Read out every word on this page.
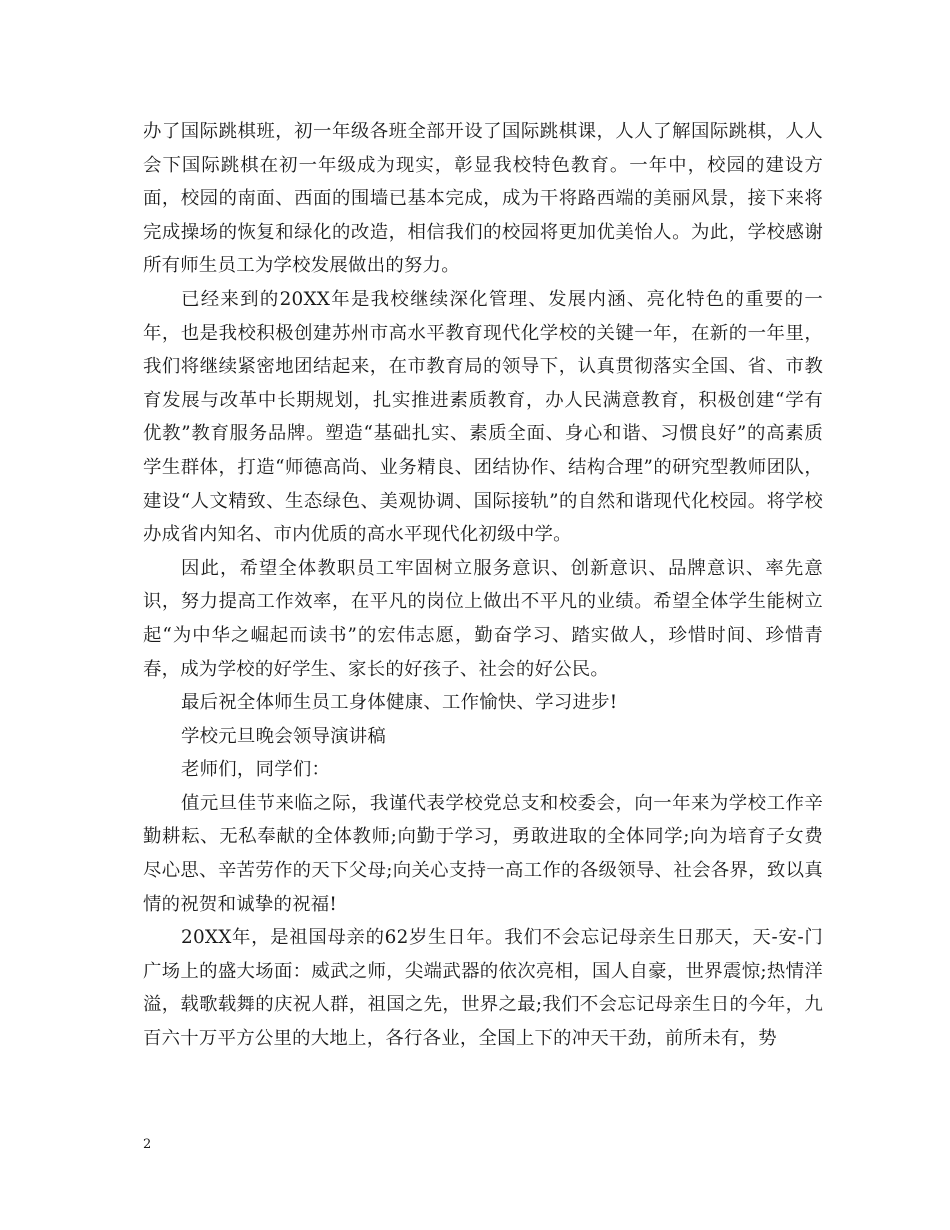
办了国际跳棋班，初一年级各班全部开设了国际跳棋课，人人了解国际跳棋，人人会下国际跳棋在初一年级成为现实，彰显我校特色教育。一年中，校园的建设方面，校园的南面、西面的围墙已基本完成，成为干将路西端的美丽风景，接下来将完成操场的恢复和绿化的改造，相信我们的校园将更加优美怡人。为此，学校感谢所有师生员工为学校发展做出的努力。

已经来到的20XX年是我校继续深化管理、发展内涵、亮化特色的重要的一年，也是我校积极创建苏州市高水平教育现代化学校的关键一年，在新的一年里，我们将继续紧密地团结起来，在市教育局的领导下，认真贯彻落实全国、省、市教育发展与改革中长期规划，扎实推进素质教育，办人民满意教育，积极创建“学有优教”教育服务品牌。塑造“基础扎实、素质全面、身心和谐、习惯良好”的高素质学生群体，打造“师德高尚、业务精良、团结协作、结构合理”的研究型教师团队，建设“人文精致、生态绿色、美观协调、国际接轨”的自然和谐现代化校园。将学校办成省内知名、市内优质的高水平现代化初级中学。

因此，希望全体教职员工牢固树立服务意识、创新意识、品牌意识、率先意识，努力提高工作效率，在平凡的岗位上做出不平凡的业绩。希望全体学生能树立起“为中华之崛起而读书”的宏伟志愿，勤奋学习、踏实做人，珍惜时间、珍惜青春，成为学校的好学生、家长的好孩子、社会的好公民。

最后祝全体师生员工身体健康、工作愉快、学习进步!

学校元旦晚会领导演讲稿

老师们，同学们：

值元旦佳节来临之际，我谨代表学校党总支和校委会，向一年来为学校工作辛勤耕耘、无私奉献的全体教师;向勤于学习，勇敢进取的全体同学;向为培育子女费尽心思、辛苦劳作的天下父母;向关心支持一高工作的各级领导、社会各界，致以真情的祝贺和诚挚的祝福!

20XX年，是祖国母亲的62岁生日年。我们不会忘记母亲生日那天，天-安-门广场上的盛大场面：威武之师，尖端武器的依次亮相，国人自豪，世界震惊;热情洋溢，载歌载舞的庆祝人群，祖国之先，世界之最;我们不会忘记母亲生日的今年，九百六十万平方公里的大地上，各行各业，全国上下的冲天干劲，前所未有，势

2
